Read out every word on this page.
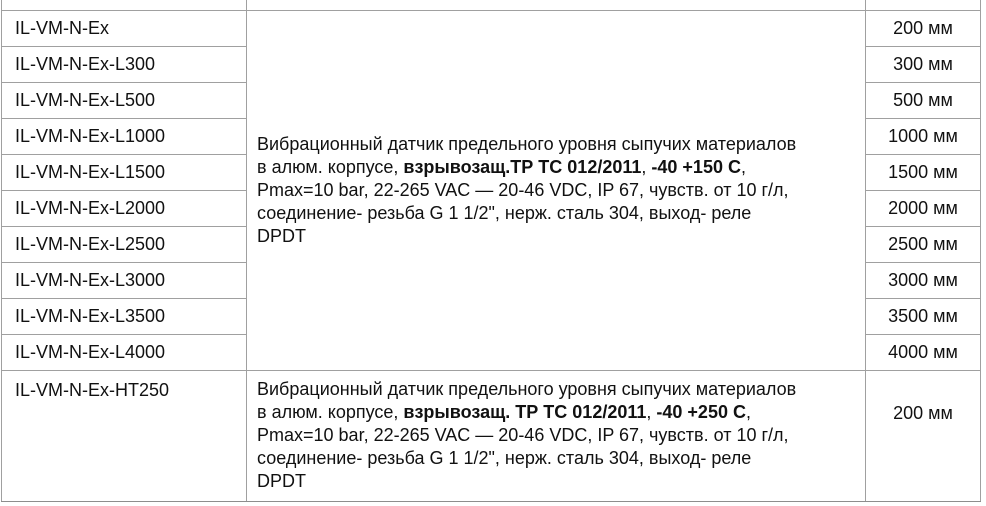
IL-VM-N-Ex	Вибрационный датчик предельного уровня сыпучих материалов
в алюм. корпусе, взрывозащ.ТР ТС 012/2011, -40 +150 С,
Pmax=10 bar, 22-265 VAC — 20-46 VDC, IP 67, чувств. от 10 г/л,
соединение- резьба G 1 1/2", нерж. сталь 304, выход- реле
DPDT	200 мм
IL-VM-N-Ex-L300		300 мм
IL-VM-N-Ex-L500		500 мм
IL-VM-N-Ex-L1000		1000 мм
IL-VM-N-Ex-L1500		1500 мм
IL-VM-N-Ex-L2000		2000 мм
IL-VM-N-Ex-L2500		2500 мм
IL-VM-N-Ex-L3000		3000 мм
IL-VM-N-Ex-L3500		3500 мм
IL-VM-N-Ex-L4000		4000 мм
IL-VM-N-Ex-HT250	Вибрационный датчик предельного уровня сыпучих материалов
в алюм. корпусе, взрывозащ. ТР ТС 012/2011, -40 +250 С,
Pmax=10 bar, 22-265 VAC — 20-46 VDC, IP 67, чувств. от 10 г/л,
соединение- резьба G 1 1/2", нерж. сталь 304, выход- реле
DPDT	200 мм
